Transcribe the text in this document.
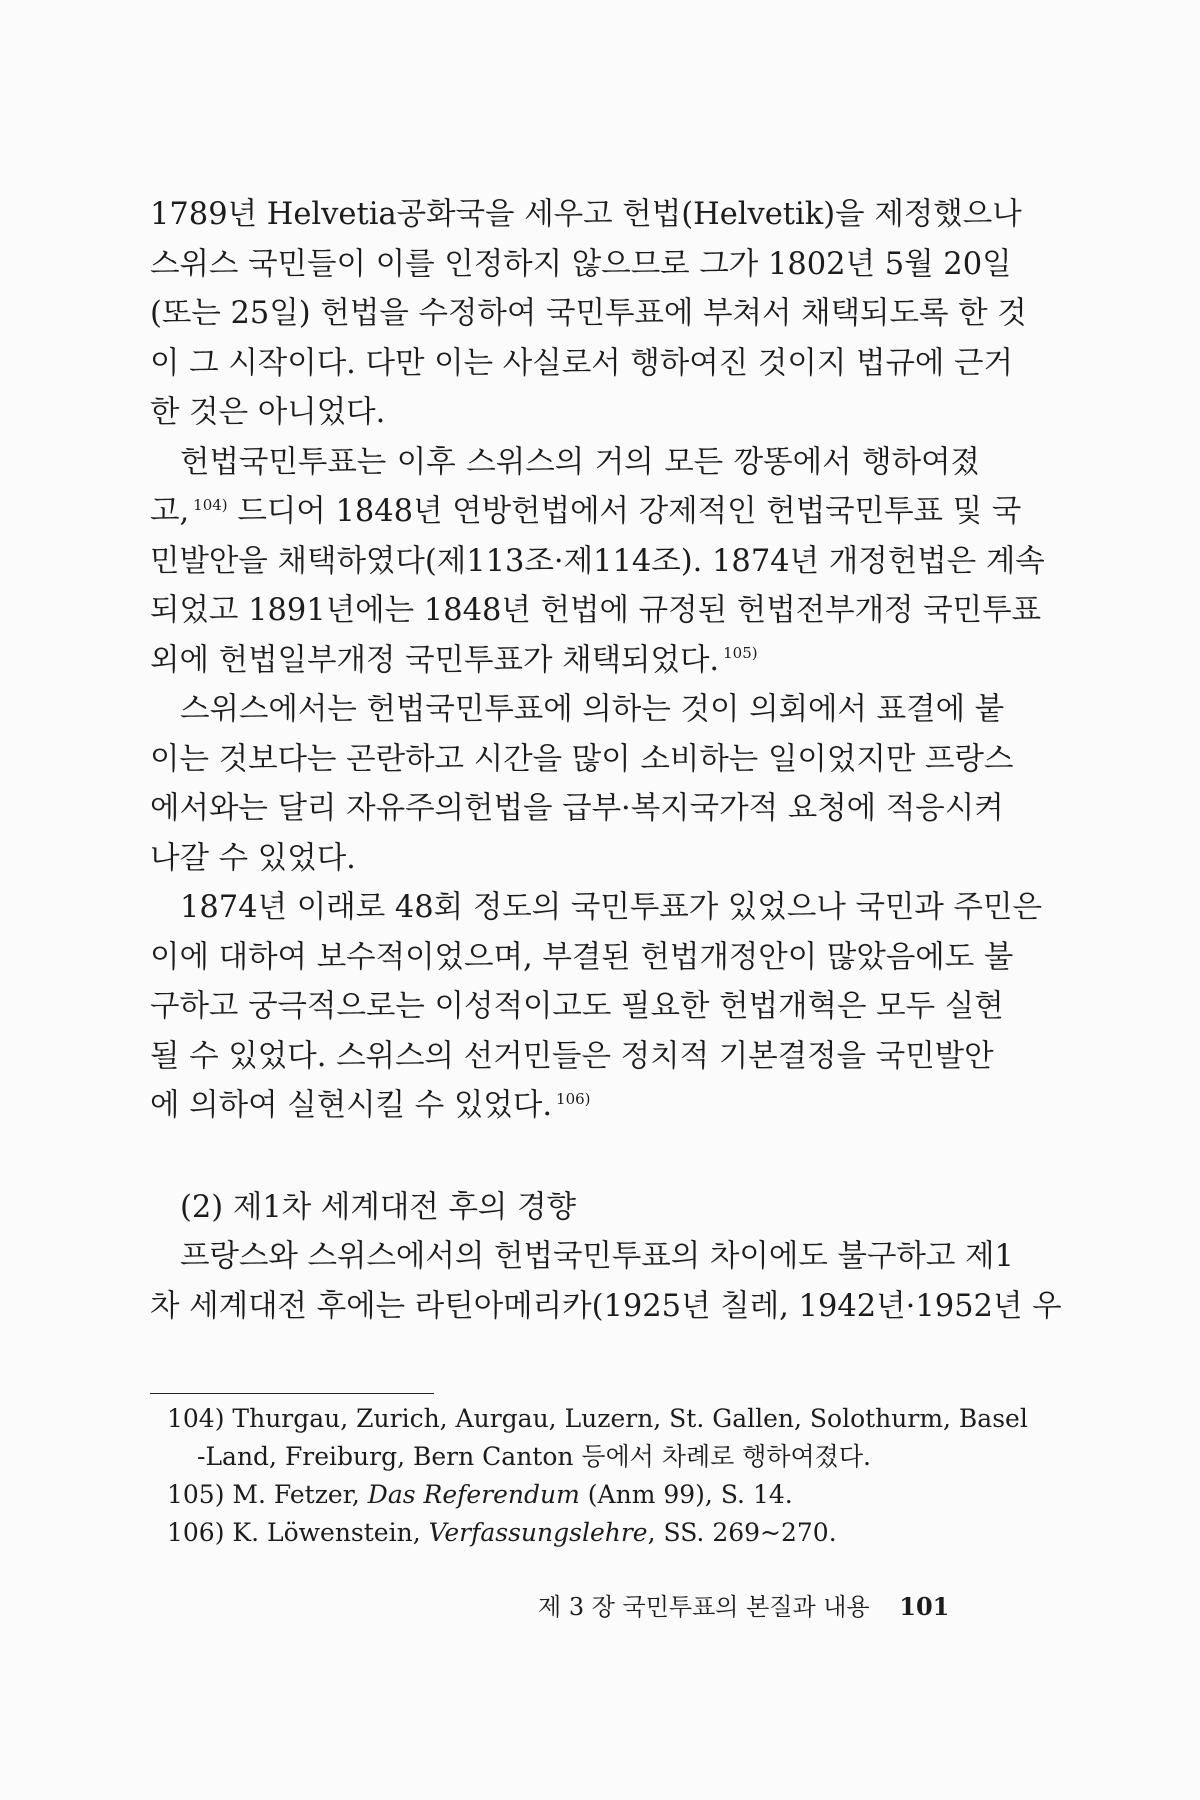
1789년 Helvetia공화국을 세우고 헌법(Helvetik)을 제정했으나
스위스 국민들이 이를 인정하지 않으므로 그가 1802년 5월 20일
(또는 25일) 헌법을 수정하여 국민투표에 부쳐서 채택되도록 한 것
이 그 시작이다. 다만 이는 사실로서 행하여진 것이지 법규에 근거
한 것은 아니었다.
헌법국민투표는 이후 스위스의 거의 모든 깡똥에서 행하여졌
고, $^{104)}$ 드디어 1848년 연방헌법에서 강제적인 헌법국민투표 및 국
민발안을 채택하였다(제113조·제114조). 1874년 개정헌법은 계속
되었고 1891년에는 1848년 헌법에 규정된 헌법전부개정 국민투표
외에 헌법일부개정 국민투표가 채택되었다. $^{105)}$
스위스에서는 헌법국민투표에 의하는 것이 의회에서 표결에 붙
이는 것보다는 곤란하고 시간을 많이 소비하는 일이었지만 프랑스
에서와는 달리 자유주의헌법을 급부·복지국가적 요청에 적응시켜
나갈 수 있었다.
1874년 이래로 48회 정도의 국민투표가 있었으나 국민과 주민은
이에 대하여 보수적이었으며, 부결된 헌법개정안이 많았음에도 불
구하고 궁극적으로는 이성적이고도 필요한 헌법개혁은 모두 실현
될 수 있었다. 스위스의 선거민들은 정치적 기본결정을 국민발안
에 의하여 실현시킬 수 있었다. $^{106)}$
(2) 제1차 세계대전 후의 경향
프랑스와 스위스에서의 헌법국민투표의 차이에도 불구하고 제1
차 세계대전 후에는 라틴아메리카(1925년 칠레, 1942년·1952년 우
104) Thurgau, Zurich, Aurgau, Luzern, St. Gallen, Solothurm, Basel
-Land, Freiburg, Bern Canton 등에서 차례로 행하여졌다.
105) M. Fetzer, Das Referendum (Anm 99), S. 14.
106) K. Löwenstein, Verfassungslehre, SS. 269~270.
제 3 장 국민투표의 본질과 내용 101
